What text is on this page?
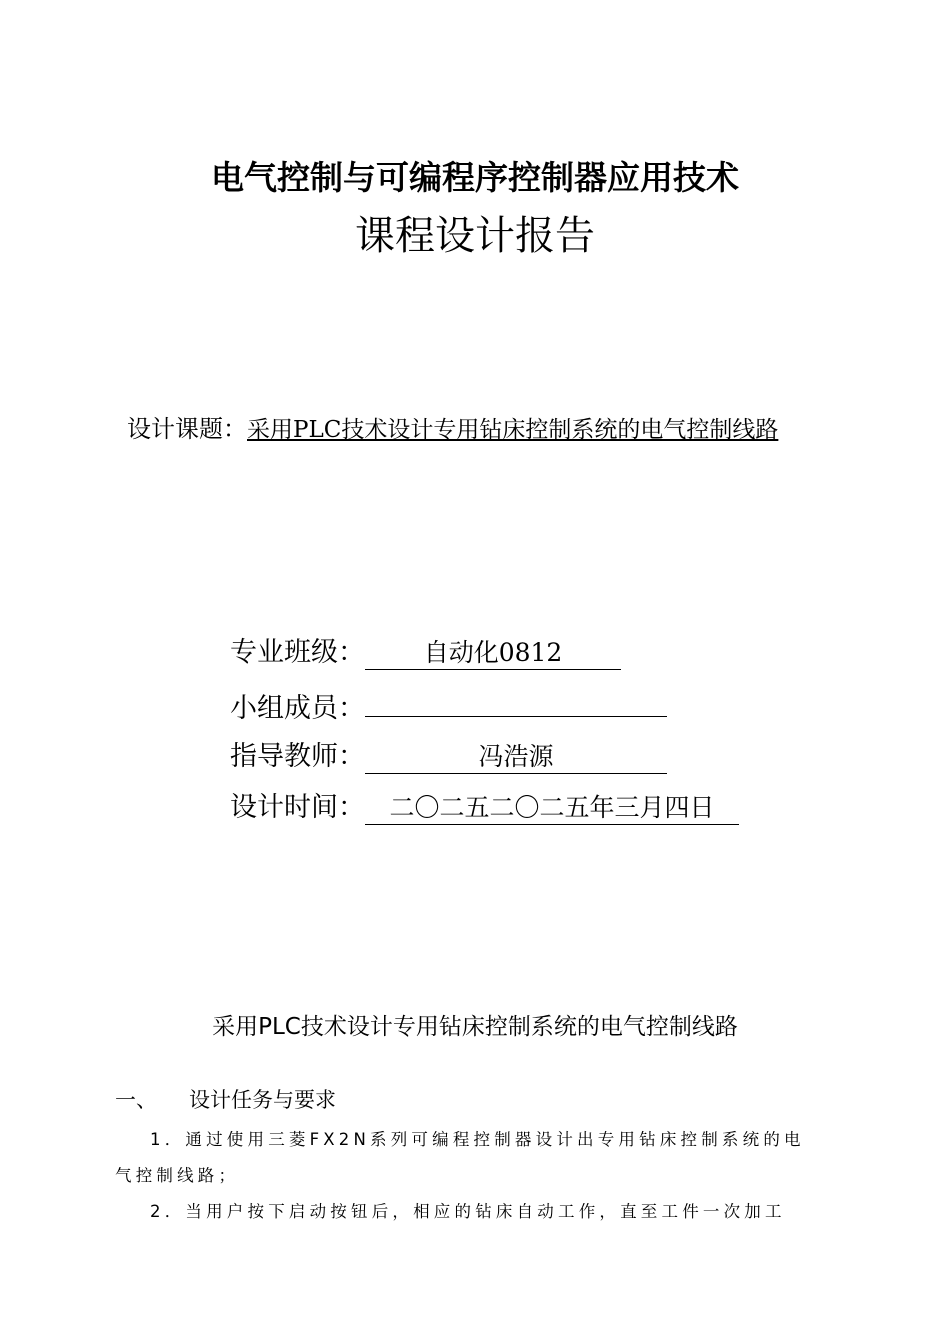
电气控制与可编程序控制器应用技术
课程设计报告
设计课题：采用PLC技术设计专用钻床控制系统的电气控制线路
专业班级： 自动化0812
小组成员：
指导教师：	冯浩源
设计时间： 二〇二五二〇二五年三月四日
采用PLC技术设计专用钻床控制系统的电气控制线路
一、 设计任务与要求
1．通过使用三菱FX2N系列可编程控制器设计出专用钻床控制系统的电
气控制线路；
2．当用户按下启动按钮后，相应的钻床自动工作，直至工件一次加工
